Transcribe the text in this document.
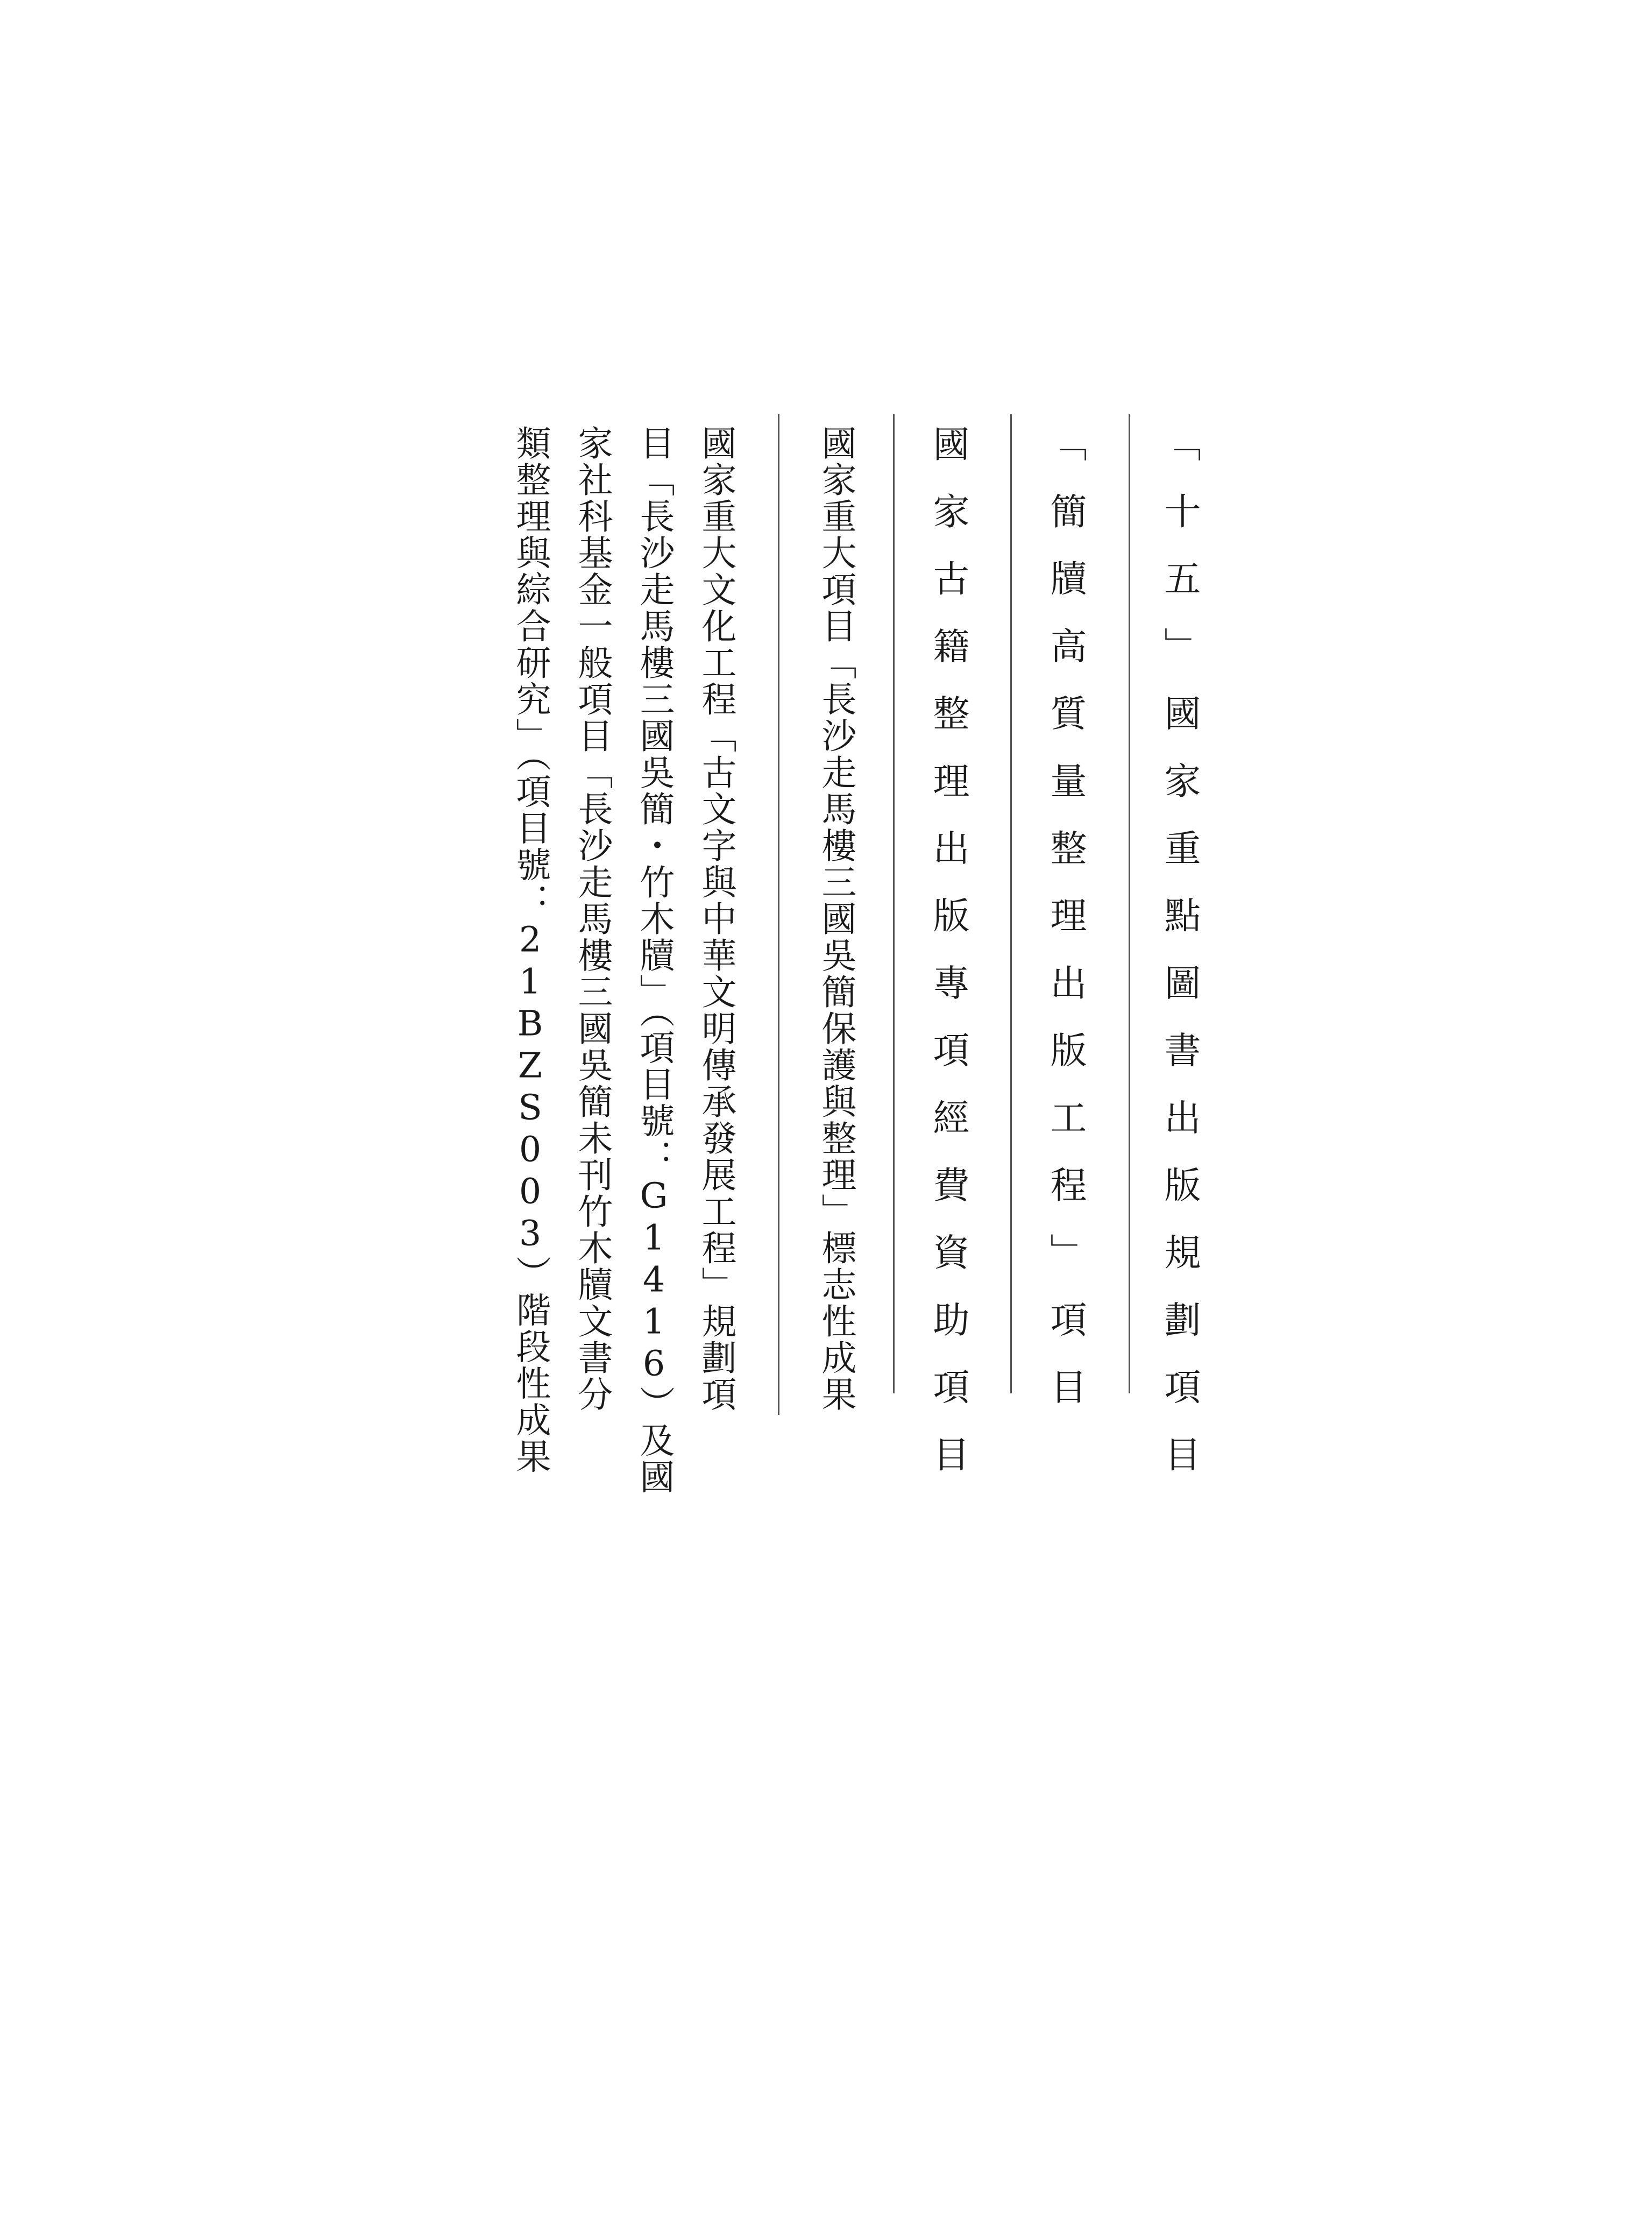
「十五」國家重點圖書出版規劃項目
「簡牘高質量整理出版工程」項目
國家古籍整理出版專項經費資助項目
國家重大項目「長沙走馬樓三國吳簡保護與整理」標志性成果
國家重大文化工程「古文字與中華文明傳承發展工程」規劃項
目「長沙走馬樓三國吳簡・竹木牘」（項目號：G1416）及國
家社科基金一般項目「長沙走馬樓三國吳簡未刊竹木牘文書分
類整理與綜合研究」（項目號：21BZS003）階段性成果
